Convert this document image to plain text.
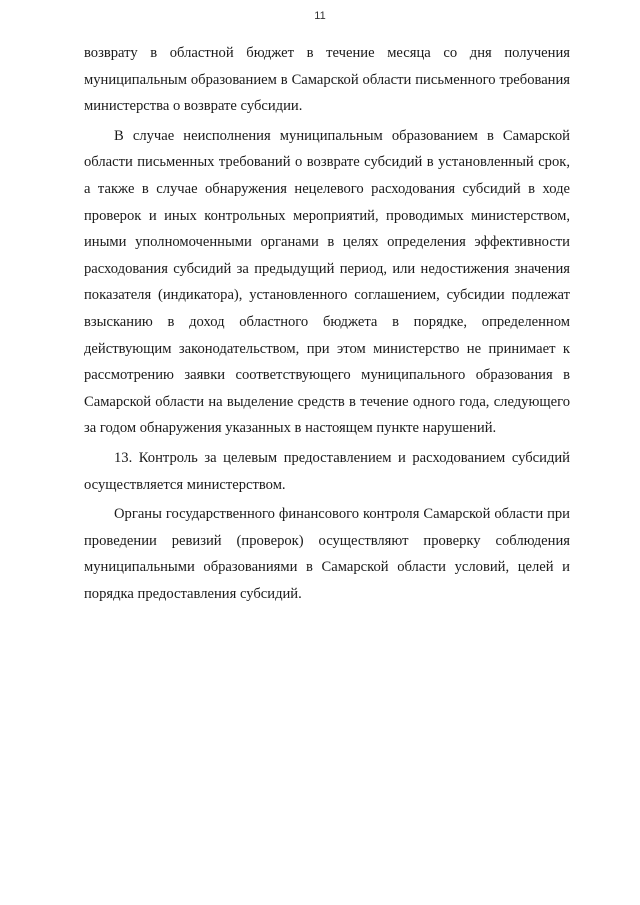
11

возврату в областной бюджет в течение месяца со дня получения муниципальным образованием в Самарской области письменного требования министерства о возврате субсидии.

В случае неисполнения муниципальным образованием в Самарской области письменных требований о возврате субсидий в установленный срок, а также в случае обнаружения нецелевого расходования субсидий в ходе проверок и иных контрольных мероприятий, проводимых министерством, иными уполномоченными органами в целях определения эффективности расходования субсидий за предыдущий период, или недостижения значения показателя (индикатора), установленного соглашением, субсидии подлежат взысканию в доход областного бюджета в порядке, определенном действующим законодательством, при этом министерство не принимает к рассмотрению заявки соответствующего муниципального образования в Самарской области на выделение средств в течение одного года, следующего за годом обнаружения указанных в настоящем пункте нарушений.

13. Контроль за целевым предоставлением и расходованием субсидий осуществляется министерством.

Органы государственного финансового контроля Самарской области при проведении ревизий (проверок) осуществляют проверку соблюдения муниципальными образованиями в Самарской области условий, целей и порядка предоставления субсидий.
